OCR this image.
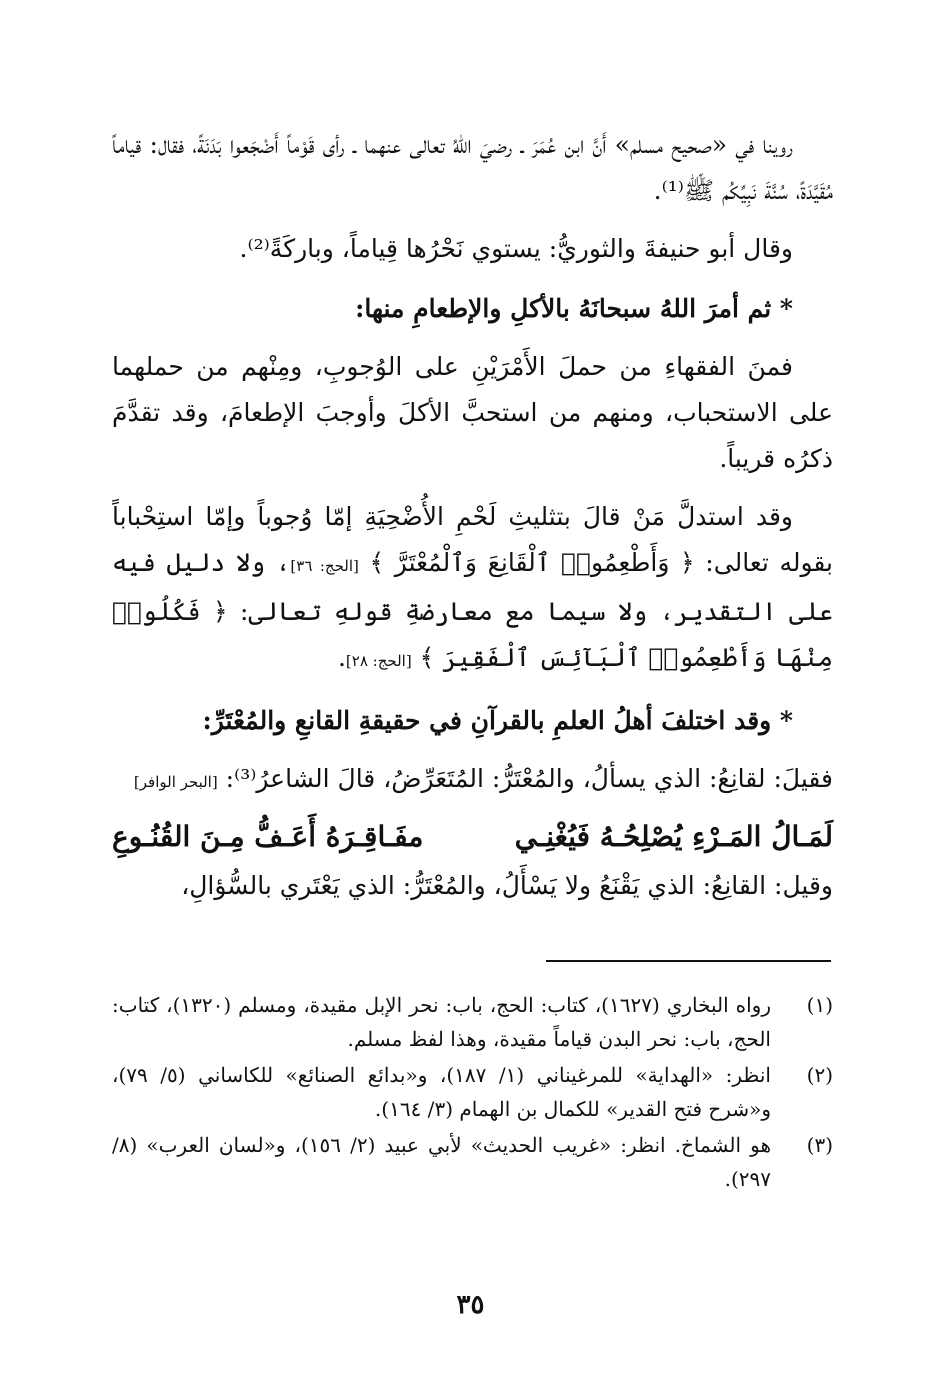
روينا في «صحيح مسلم» أَنَّ ابن عُمَرَ ـ رضيَ اللهُ تعالى عنهما ـ رأى قَوْماً أَضْجَعوا بَدَنَةً، فقال: قياماً مُقَيَّدَةً، سُنَّةَ نَبِيِّكُم ﷺ⁽¹⁾.

وقال أبو حنيفةَ والثوريُّ: يستوي نَحْرُها قِياماً، وباركَةً⁽²⁾.

* ثم أمرَ اللهُ سبحانَهُ بالأكلِ والإطعامِ منها:

فمنَ الفقهاءِ من حملَ الأَمْرَيْنِ على الوُجوبِ، ومِنْهم من حملهما على الاستحباب، ومنهم من استحبَّ الأكلَ وأوجبَ الإطعامَ، وقد تقدَّمَ ذكرُه قريباً.

وقد استدلَّ مَنْ قالَ بتثليثِ لَحْمِ الأُضْحِيَةِ إمّا وُجوباً وإمّا استِحْباباً بقوله تعالى: ﴿ وَأَطْعِمُوا۟ ٱلْقَانِعَ وَٱلْمُعْتَرَّ ﴾ [الحج: ٣٦]، ولا دليل فيه على التقدير، ولا سيما مع معارضةِ قولهِ تعالى: ﴿ فَكُلُوا۟ مِنْهَا وَأَطْعِمُوا۟ ٱلْبَآئِسَ ٱلْفَقِيرَ ﴾ [الحج: ٢٨].

* وقد اختلفَ أهلُ العلمِ بالقرآنِ في حقيقةِ القانعِ والمُعْتَرِّ:

فقيلَ: لقانِعُ: الذي يسألُ، والمُعْتَرُّ: المُتَعَرِّضُ، قالَ الشاعرُ⁽³⁾: [البحر الوافر]

لَمَـالُ المَـرْءِ يُصْلِحُـهُ فَيُغْنِـي
مفَـاقِـرَهُ أَعَـفُّ مِـنَ القُنُـوعِ

وقيل: القانِعُ: الذي يَقْنَعُ ولا يَسْأَلُ، والمُعْتَرُّ: الذي يَعْتَري بالسُّؤالِ،

(١)
رواه البخاري (١٦٢٧)، كتاب: الحج، باب: نحر الإبل مقيدة، ومسلم (١٣٢٠)، كتاب: الحج، باب: نحر البدن قياماً مقيدة، وهذا لفظ مسلم.
(٢)
انظر: «الهداية» للمرغيناني (١/ ١٨٧)، و«بدائع الصنائع» للكاساني (٥/ ٧٩)، و«شرح فتح القدير» للكمال بن الهمام (٣/ ١٦٤).
(٣)
هو الشماخ. انظر: «غريب الحديث» لأبي عبيد (٢/ ١٥٦)، و«لسان العرب» (٨/ ٢٩٧).
٣٥
